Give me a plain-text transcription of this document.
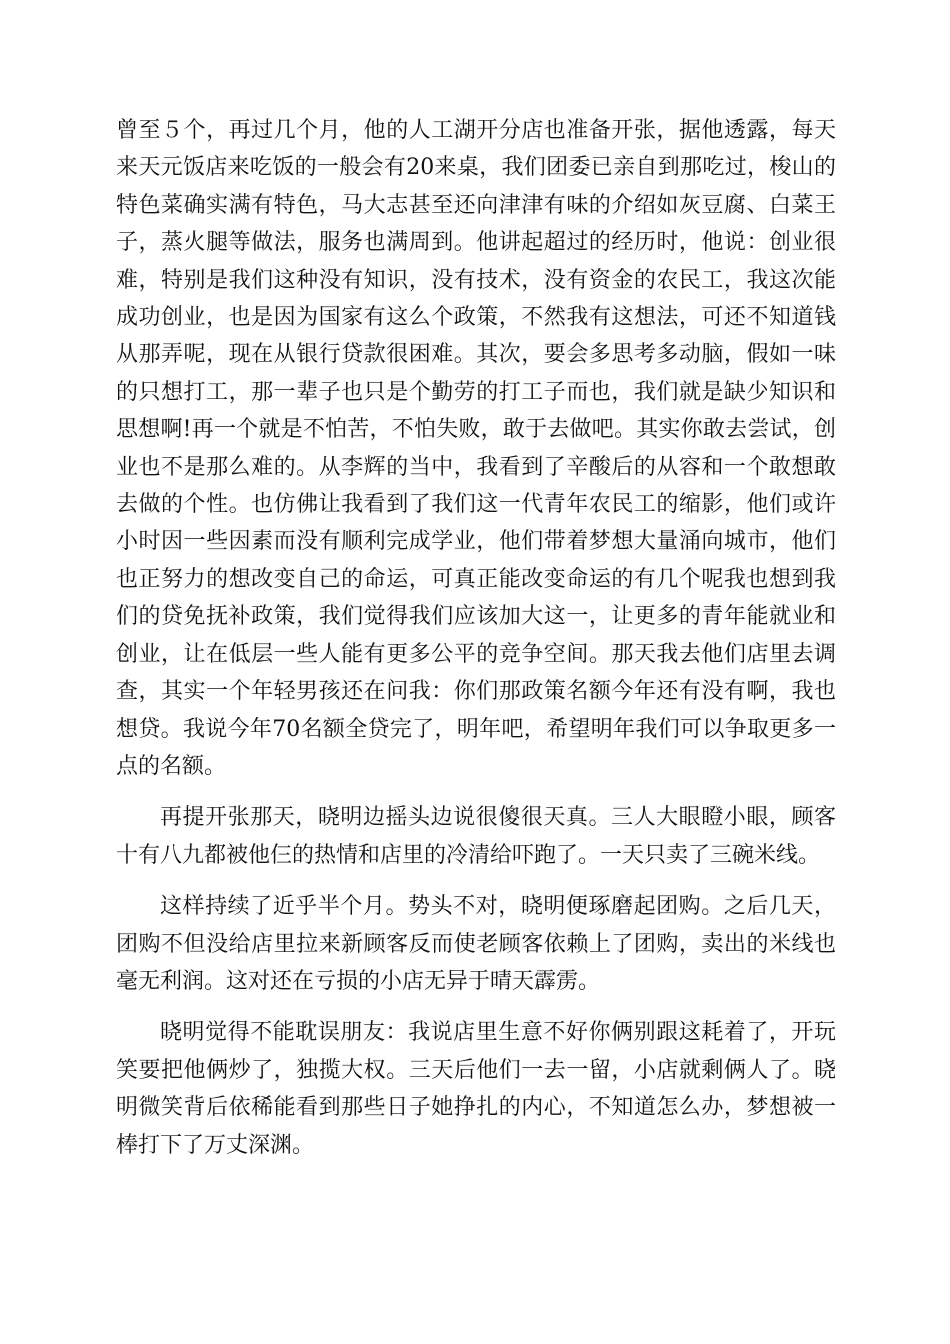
曾至５个，再过几个月，他的人工湖开分店也准备开张，据他透露，每天来天元饭店来吃饭的一般会有20来桌，我们团委已亲自到那吃过，梭山的特色菜确实满有特色，马大志甚至还向津津有味的介绍如灰豆腐、白菜王子，蒸火腿等做法，服务也满周到。他讲起超过的经历时，他说：创业很难，特别是我们这种没有知识，没有技术，没有资金的农民工，我这次能成功创业，也是因为国家有这么个政策，不然我有这想法，可还不知道钱从那弄呢，现在从银行贷款很困难。其次，要会多思考多动脑，假如一味的只想打工，那一辈子也只是个勤劳的打工子而也，我们就是缺少知识和思想啊!再一个就是不怕苦，不怕失败，敢于去做吧。其实你敢去尝试，创业也不是那么难的。从李辉的当中，我看到了辛酸后的从容和一个敢想敢去做的个性。也仿佛让我看到了我们这一代青年农民工的缩影，他们或许小时因一些因素而没有顺利完成学业，他们带着梦想大量涌向城市，他们也正努力的想改变自己的命运，可真正能改变命运的有几个呢我也想到我们的贷免抚补政策，我们觉得我们应该加大这一，让更多的青年能就业和创业，让在低层一些人能有更多公平的竞争空间。那天我去他们店里去调查，其实一个年轻男孩还在问我：你们那政策名额今年还有没有啊，我也想贷。我说今年70名额全贷完了，明年吧，希望明年我们可以争取更多一点的名额。

再提开张那天，晓明边摇头边说很傻很天真。三人大眼瞪小眼，顾客十有八九都被他仨的热情和店里的冷清给吓跑了。一天只卖了三碗米线。

这样持续了近乎半个月。势头不对，晓明便琢磨起团购。之后几天，团购不但没给店里拉来新顾客反而使老顾客依赖上了团购，卖出的米线也毫无利润。这对还在亏损的小店无异于晴天霹雳。

晓明觉得不能耽误朋友：我说店里生意不好你俩别跟这耗着了，开玩笑要把他俩炒了，独揽大权。三天后他们一去一留，小店就剩俩人了。晓明微笑背后依稀能看到那些日子她挣扎的内心，不知道怎么办，梦想被一棒打下了万丈深渊。
